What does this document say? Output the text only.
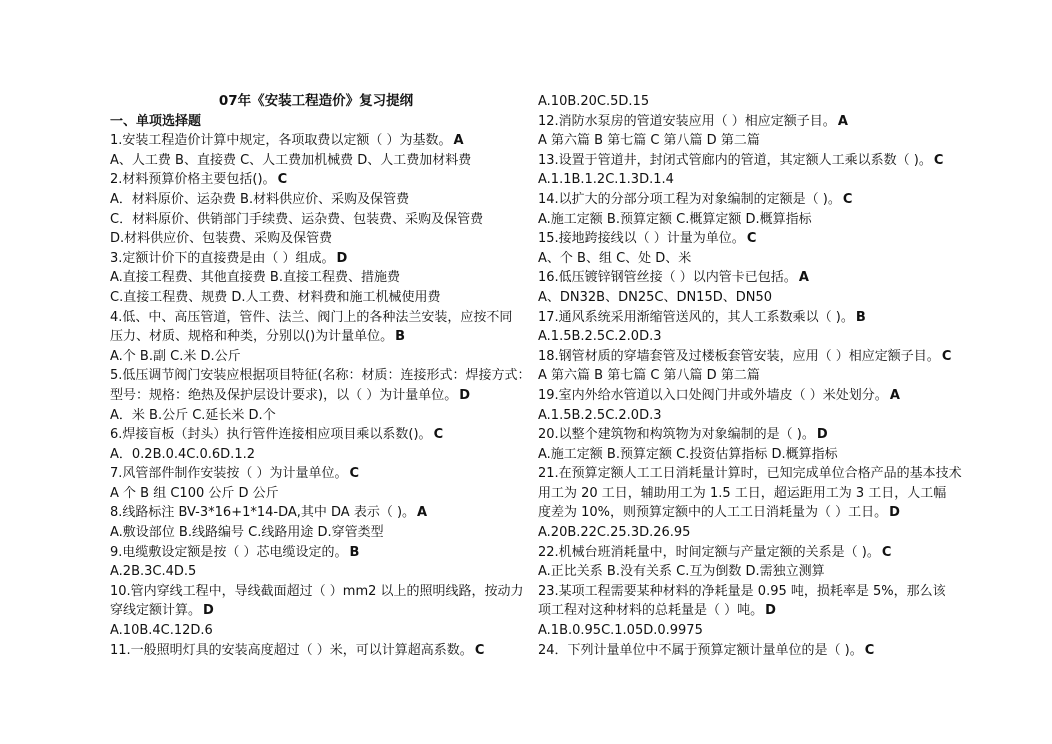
07年《安装工程造价》复习提纲
一、单项选择题
1.安装工程造价计算中规定，各项取费以定额（ ）为基数。 A
A、人工费 B、直接费 C、人工费加机械费 D、人工费加材料费
2.材料预算价格主要包括()。 C
A．材料原价、运杂费 B.材料供应价、采购及保管费
C．材料原价、供销部门手续费、运杂费、包装费、采购及保管费
D.材料供应价、包装费、采购及保管费
3.定额计价下的直接费是由（ ）组成。 D
A.直接工程费、其他直接费 B.直接工程费、措施费
C.直接工程费、规费 D.人工费、材料费和施工机械使用费
4.低、中、高压管道，管件、法兰、阀门上的各种法兰安装，应按不同
压力、材质、规格和种类，分别以()为计量单位。 B
A.个 B.副 C.米 D.公斤
5.低压调节阀门安装应根据项目特征(名称：材质：连接形式：焊接方式：
型号：规格：绝热及保护层设计要求)，以（ ）为计量单位。 D
A．米 B.公斤 C.延长米 D.个
6.焊接盲板（封头）执行管件连接相应项目乘以系数()。 C
A．0.2B.0.4C.0.6D.1.2
7.风管部件制作安装按（ ）为计量单位。 C
A 个 B 组 C100 公斤 D 公斤
8.线路标注 BV-3*16+1*14-DA,其中 DA 表示（ )。 A
A.敷设部位 B.线路编号 C.线路用途 D.穿管类型
9.电缆敷设定额是按（ ）芯电缆设定的。 B
A.2B.3C.4D.5
10.管内穿线工程中，导线截面超过（ ）mm2 以上的照明线路，按动力
穿线定额计算。 D
A.10B.4C.12D.6
11.一般照明灯具的安装高度超过（ ）米，可以计算超高系数。 C
A.10B.20C.5D.15
12.消防水泵房的管道安装应用（ ）相应定额子目。 A
A 第六篇 B 第七篇 C 第八篇 D 第二篇
13.设置于管道井，封闭式管廊内的管道，其定额人工乘以系数（ )。 C
A.1.1B.1.2C.1.3D.1.4
14.以扩大的分部分项工程为对象编制的定额是（ )。 C
A.施工定额 B.预算定额 C.概算定额 D.概算指标
15.接地跨接线以（ ）计量为单位。 C
A、个 B、组 C、处 D、米
16.低压镀锌钢管丝接（ ）以内管卡已包括。 A
A、DN32B、DN25C、DN15D、DN50
17.通风系统采用渐缩管送风的，其人工系数乘以（ )。 B
A.1.5B.2.5C.2.0D.3
18.钢管材质的穿墙套管及过楼板套管安装，应用（ ）相应定额子目。 C
A 第六篇 B 第七篇 C 第八篇 D 第二篇
19.室内外给水管道以入口处阀门井或外墙皮（ ）米处划分。 A
A.1.5B.2.5C.2.0D.3
20.以整个建筑物和构筑物为对象编制的是（ )。 D
A.施工定额 B.预算定额 C.投资估算指标 D.概算指标
21.在预算定额人工工日消耗量计算时，已知完成单位合格产品的基本技术
用工为 20 工日，辅助用工为 1.5 工日，超运距用工为 3 工日，人工幅
度差为 10%，则预算定额中的人工工日消耗量为（ ）工日。 D
A.20B.22C.25.3D.26.95
22.机械台班消耗量中，时间定额与产量定额的关系是（ )。 C
A.正比关系 B.没有关系 C.互为倒数 D.需独立测算
23.某项工程需要某种材料的净耗量是 0.95 吨，损耗率是 5%，那么该
项工程对这种材料的总耗量是（ ）吨。 D
A.1B.0.95C.1.05D.0.9975
24．下列计量单位中不属于预算定额计量单位的是（ )。 C
